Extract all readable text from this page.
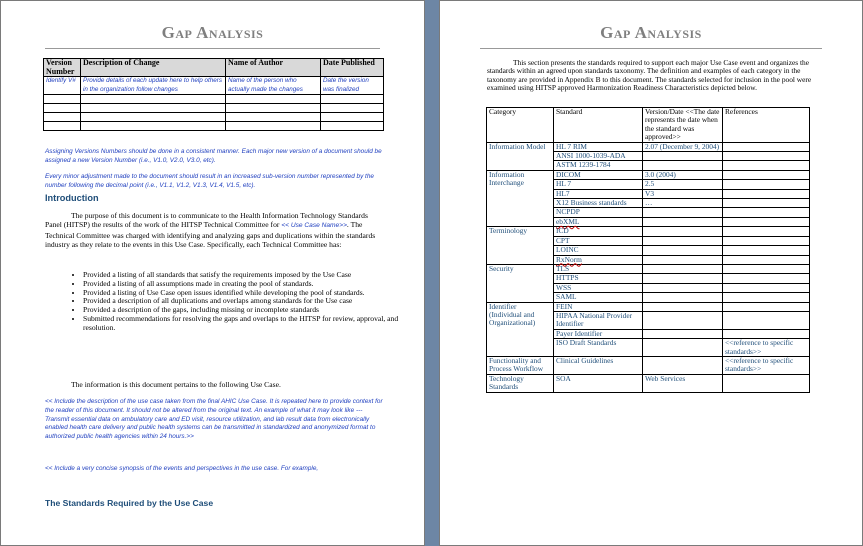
Gap Analysis
Version Number	Description of Change	Name of Author	Date Published
Identify V#	Provide details of each update here to help others in the organization follow changes	Name of the person who actually made the changes	Date the version was finalized

Assigning Versions Numbers should be done in a consistent manner. Each major new version of a document should be assigned a new Version Number (i.e., V1.0, V2.0, V3.0, etc).
Every minor adjustment made to the document should result in an increased sub-version number represented by the number following the decimal point (i.e., V1.1, V1.2, V1.3, V1.4, V1.5, etc).
Introduction
The purpose of this document is to communicate to the Health Information Technology Standards Panel (HITSP) the results of the work of the HITSP Technical Committee for << Use Case Name>>. The Technical Committee was charged with identifying and analyzing gaps and duplications within the standards industry as they relate to the events in this Use Case. Specifically, each Technical Committee has:
• Provided a listing of all standards that satisfy the requirements imposed by the Use Case
• Provided a listing of all assumptions made in creating the pool of standards.
• Provided a listing of Use Case open issues identified while developing the pool of standards.
• Provided a description of all duplications and overlaps among standards for the Use case
• Provided a description of the gaps, including missing or incomplete standards
• Submitted recommendations for resolving the gaps and overlaps to the HITSP for review, approval, and resolution.
The information is this document pertains to the following Use Case.
<< Include the description of the use case taken from the final AHIC Use Case. It is repeated here to provide context for the reader of this document. It should not be altered from the original text. An example of what it may look like --- Transmit essential data on ambulatory care and ED visit, resource utilization, and lab result data from electronically enabled health care delivery and public health systems can be transmitted in standardized and anonymized format to authorized public health agencies within 24 hours.>>
<< Include a very concise synopsis of the events and perspectives in the use case. For example,
The Standards Required by the Use Case
Gap Analysis
This section presents the standards required to support each major Use Case event and organizes the standards within an agreed upon standards taxonomy. The definition and examples of each category in the taxonomy are provided in Appendix B to this document. The standards selected for inclusion in the pool were examined using HITSP approved Harmonization Readiness Characteristics depicted below.
Category	Standard	Version/Date <<The date represents the date when the standard was approved>>	References
Information Model	HL 7 RIM	2.07 (December 9, 2004)	
	ANSI 1000-1039-ADA		
	ASTM 1239-1784		
Information Interchange	DICOM	3.0 (2004)	
	HL 7	2.5	
	HL7	V3	
	X12 Business standards	…	
	NCPDP		
	ebXML		
Terminology	ICD		
	CPT		
	LOINC		
	RxNorm		
Security	TLS		
	HTTPS		
	WSS		
	SAML		
Identifier (Individual and Organizational)	FEIN		
	HIPAA National Provider Identifier		
	Payer Identifier		
	ISO Draft Standards		<<reference to specific standards>>
Functionality and Process Workflow	Clinical Guidelines		<<reference to specific standards>>
Technology Standards	SOA	Web Services	
